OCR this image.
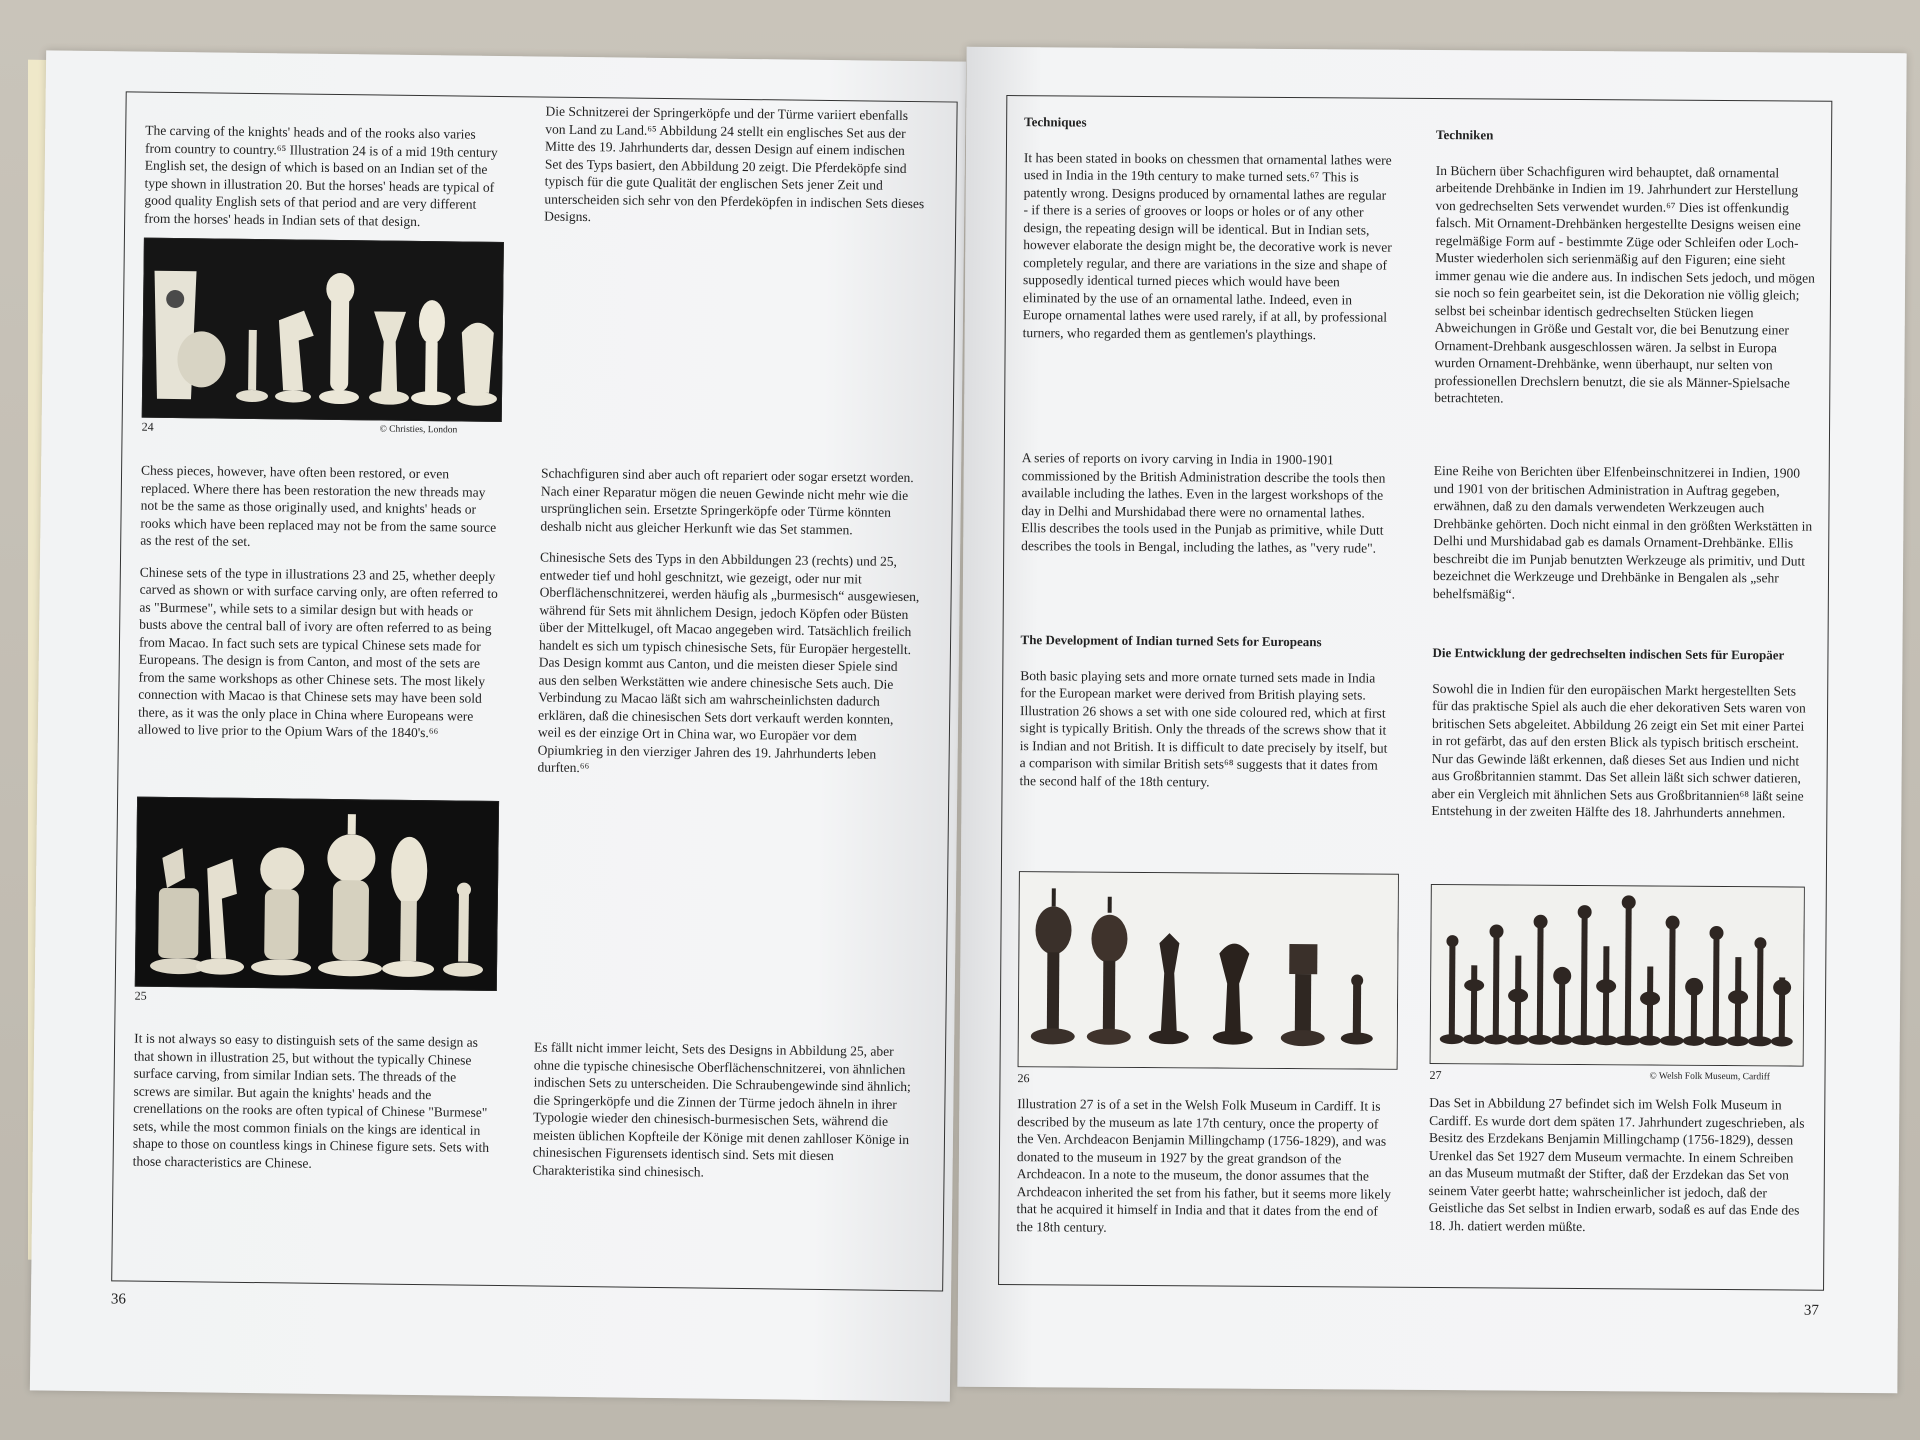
The carving of the knights' heads and of the rooks also varies from country to country.⁶⁵ Illustration 24 is of a mid 19th century English set, the design of which is based on an Indian set of the type shown in illustration 20. But the horses' heads are typical of good quality English sets of that period and are very different from the horses' heads in Indian sets of that design.

24	© Christies, London

Chess pieces, however, have often been restored, or even replaced. Where there has been restoration the new threads may not be the same as those originally used, and knights' heads or rooks which have been replaced may not be from the same source as the rest of the set.

Chinese sets of the type in illustrations 23 and 25, whether deeply carved as shown or with surface carving only, are often referred to as "Burmese", while sets to a similar design but with heads or busts above the central ball of ivory are often referred to as being from Macao. In fact such sets are typical Chinese sets made for Europeans. The design is from Canton, and most of the sets are from the same workshops as other Chinese sets. The most likely connection with Macao is that Chinese sets may have been sold there, as it was the only place in China where Europeans were allowed to live prior to the Opium Wars of the 1840's.⁶⁶

25

It is not always so easy to distinguish sets of the same design as that shown in illustration 25, but without the typically Chinese surface carving, from similar Indian sets. The threads of the screws are similar. But again the knights' heads and the crenellations on the rooks are often typical of Chinese "Burmese" sets, while the most common finials on the kings are identical in shape to those on countless kings in Chinese figure sets. Sets with those characteristics are Chinese.

Die Schnitzerei der Springerköpfe und der Türme variiert ebenfalls von Land zu Land.⁶⁵ Abbildung 24 stellt ein englisches Set aus der Mitte des 19. Jahrhunderts dar, dessen Design auf einem indischen Set des Typs basiert, den Abbildung 20 zeigt. Die Pferdeköpfe sind typisch für die gute Qualität der englischen Sets jener Zeit und unterscheiden sich sehr von den Pferdeköpfen in indischen Sets dieses Designs.

Schachfiguren sind aber auch oft repariert oder sogar ersetzt worden. Nach einer Reparatur mögen die neuen Gewinde nicht mehr wie die ursprünglichen sein. Ersetzte Springerköpfe oder Türme könnten deshalb nicht aus gleicher Herkunft wie das Set stammen.

Chinesische Sets des Typs in den Abbildungen 23 (rechts) und 25, entweder tief und hohl geschnitzt, wie gezeigt, oder nur mit Oberflächenschnitzerei, werden häufig als „burmesisch“ ausgewiesen, während für Sets mit ähnlichem Design, jedoch Köpfen oder Büsten über der Mittelkugel, oft Macao angegeben wird. Tatsächlich freilich handelt es sich um typisch chinesische Sets, für Europäer hergestellt. Das Design kommt aus Canton, und die meisten dieser Spiele sind aus den selben Werkstätten wie andere chinesische Sets auch. Die Verbindung zu Macao läßt sich am wahrscheinlichsten dadurch erklären, daß die chinesischen Sets dort verkauft werden konnten, weil es der einzige Ort in China war, wo Europäer vor dem Opiumkrieg in den vierziger Jahren des 19. Jahrhunderts leben durften.⁶⁶

Es fällt nicht immer leicht, Sets des Designs in Abbildung 25, aber ohne die typische chinesische Oberflächenschnitzerei, von ähnlichen indischen Sets zu unterscheiden. Die Schraubengewinde sind ähnlich; die Springerköpfe und die Zinnen der Türme jedoch ähneln in ihrer Typologie wieder den chinesisch-burmesischen Sets, während die meisten üblichen Kopfteile der Könige mit denen zahlloser Könige in chinesischen Figurensets identisch sind. Sets mit diesen Charakteristika sind chinesisch.

36
Techniques

It has been stated in books on chessmen that ornamental lathes were used in India in the 19th century to make turned sets.⁶⁷ This is patently wrong. Designs produced by ornamental lathes are regular - if there is a series of grooves or loops or holes or of any other design, the repeating design will be identical. But in Indian sets, however elaborate the design might be, the decorative work is never completely regular, and there are variations in the size and shape of supposedly identical turned pieces which would have been eliminated by the use of an ornamental lathe. Indeed, even in Europe ornamental lathes were used rarely, if at all, by professional turners, who regarded them as gentlemen's playthings.

A series of reports on ivory carving in India in 1900-1901 commissioned by the British Administration describe the tools then available including the lathes. Even in the largest workshops of the day in Delhi and Murshidabad there were no ornamental lathes. Ellis describes the tools used in the Punjab as primitive, while Dutt describes the tools in Bengal, including the lathes, as "very rude".

The Development of Indian turned Sets for Europeans

Both basic playing sets and more ornate turned sets made in India for the European market were derived from British playing sets. Illustration 26 shows a set with one side coloured red, which at first sight is typically British. Only the threads of the screws show that it is Indian and not British. It is difficult to date precisely by itself, but a comparison with similar British sets⁶⁸ suggests that it dates from the second half of the 18th century.

26

Illustration 27 is of a set in the Welsh Folk Museum in Cardiff. It is described by the museum as late 17th century, once the property of the Ven. Archdeacon Benjamin Millingchamp (1756-1829), and was donated to the museum in 1927 by the great grandson of the Archdeacon. In a note to the museum, the donor assumes that the Archdeacon inherited the set from his father, but it seems more likely that he acquired it himself in India and that it dates from the end of the 18th century.

Techniken

In Büchern über Schachfiguren wird behauptet, daß ornamental arbeitende Drehbänke in Indien im 19. Jahrhundert zur Herstellung von gedrechselten Sets verwendet wurden.⁶⁷ Dies ist offenkundig falsch. Mit Ornament-Drehbänken hergestellte Designs weisen eine regelmäßige Form auf - bestimmte Züge oder Schleifen oder Loch-Muster wiederholen sich serienmäßig auf den Figuren; eine sieht immer genau wie die andere aus. In indischen Sets jedoch, und mögen sie noch so fein gearbeitet sein, ist die Dekoration nie völlig gleich; selbst bei scheinbar identisch gedrechselten Stücken liegen Abweichungen in Größe und Gestalt vor, die bei Benutzung einer Ornament-Drehbank ausgeschlossen wären. Ja selbst in Europa wurden Ornament-Drehbänke, wenn überhaupt, nur selten von professionellen Drechslern benutzt, die sie als Männer-Spielsache betrachteten.

Eine Reihe von Berichten über Elfenbeinschnitzerei in Indien, 1900 und 1901 von der britischen Administration in Auftrag gegeben, erwähnen, daß zu den damals verwendeten Werkzeugen auch Drehbänke gehörten. Doch nicht einmal in den größten Werkstätten in Delhi und Murshidabad gab es damals Ornament-Drehbänke. Ellis beschreibt die im Punjab benutzten Werkzeuge als primitiv, und Dutt bezeichnet die Werkzeuge und Drehbänke in Bengalen als „sehr behelfsmäßig“.

Die Entwicklung der gedrechselten indischen Sets für Europäer

Sowohl die in Indien für den europäischen Markt hergestellten Sets für das praktische Spiel als auch die eher dekorativen Sets waren von britischen Sets abgeleitet. Abbildung 26 zeigt ein Set mit einer Partei in rot gefärbt, das auf den ersten Blick als typisch britisch erscheint. Nur das Gewinde läßt erkennen, daß dieses Set aus Indien und nicht aus Großbritannien stammt. Das Set allein läßt sich schwer datieren, aber ein Vergleich mit ähnlichen Sets aus Großbritannien⁶⁸ läßt seine Entstehung in der zweiten Hälfte des 18. Jahrhunderts annehmen.

27	© Welsh Folk Museum, Cardiff

Das Set in Abbildung 27 befindet sich im Welsh Folk Museum in Cardiff. Es wurde dort dem späten 17. Jahrhundert zugeschrieben, als Besitz des Erzdekans Benjamin Millingchamp (1756-1829), dessen Urenkel das Set 1927 dem Museum vermachte. In einem Schreiben an das Museum mutmaßt der Stifter, daß der Erzdekan das Set von seinem Vater geerbt hatte; wahrscheinlicher ist jedoch, daß der Geistliche das Set selbst in Indien erwarb, sodaß es auf das Ende des 18. Jh. datiert werden müßte.

37
